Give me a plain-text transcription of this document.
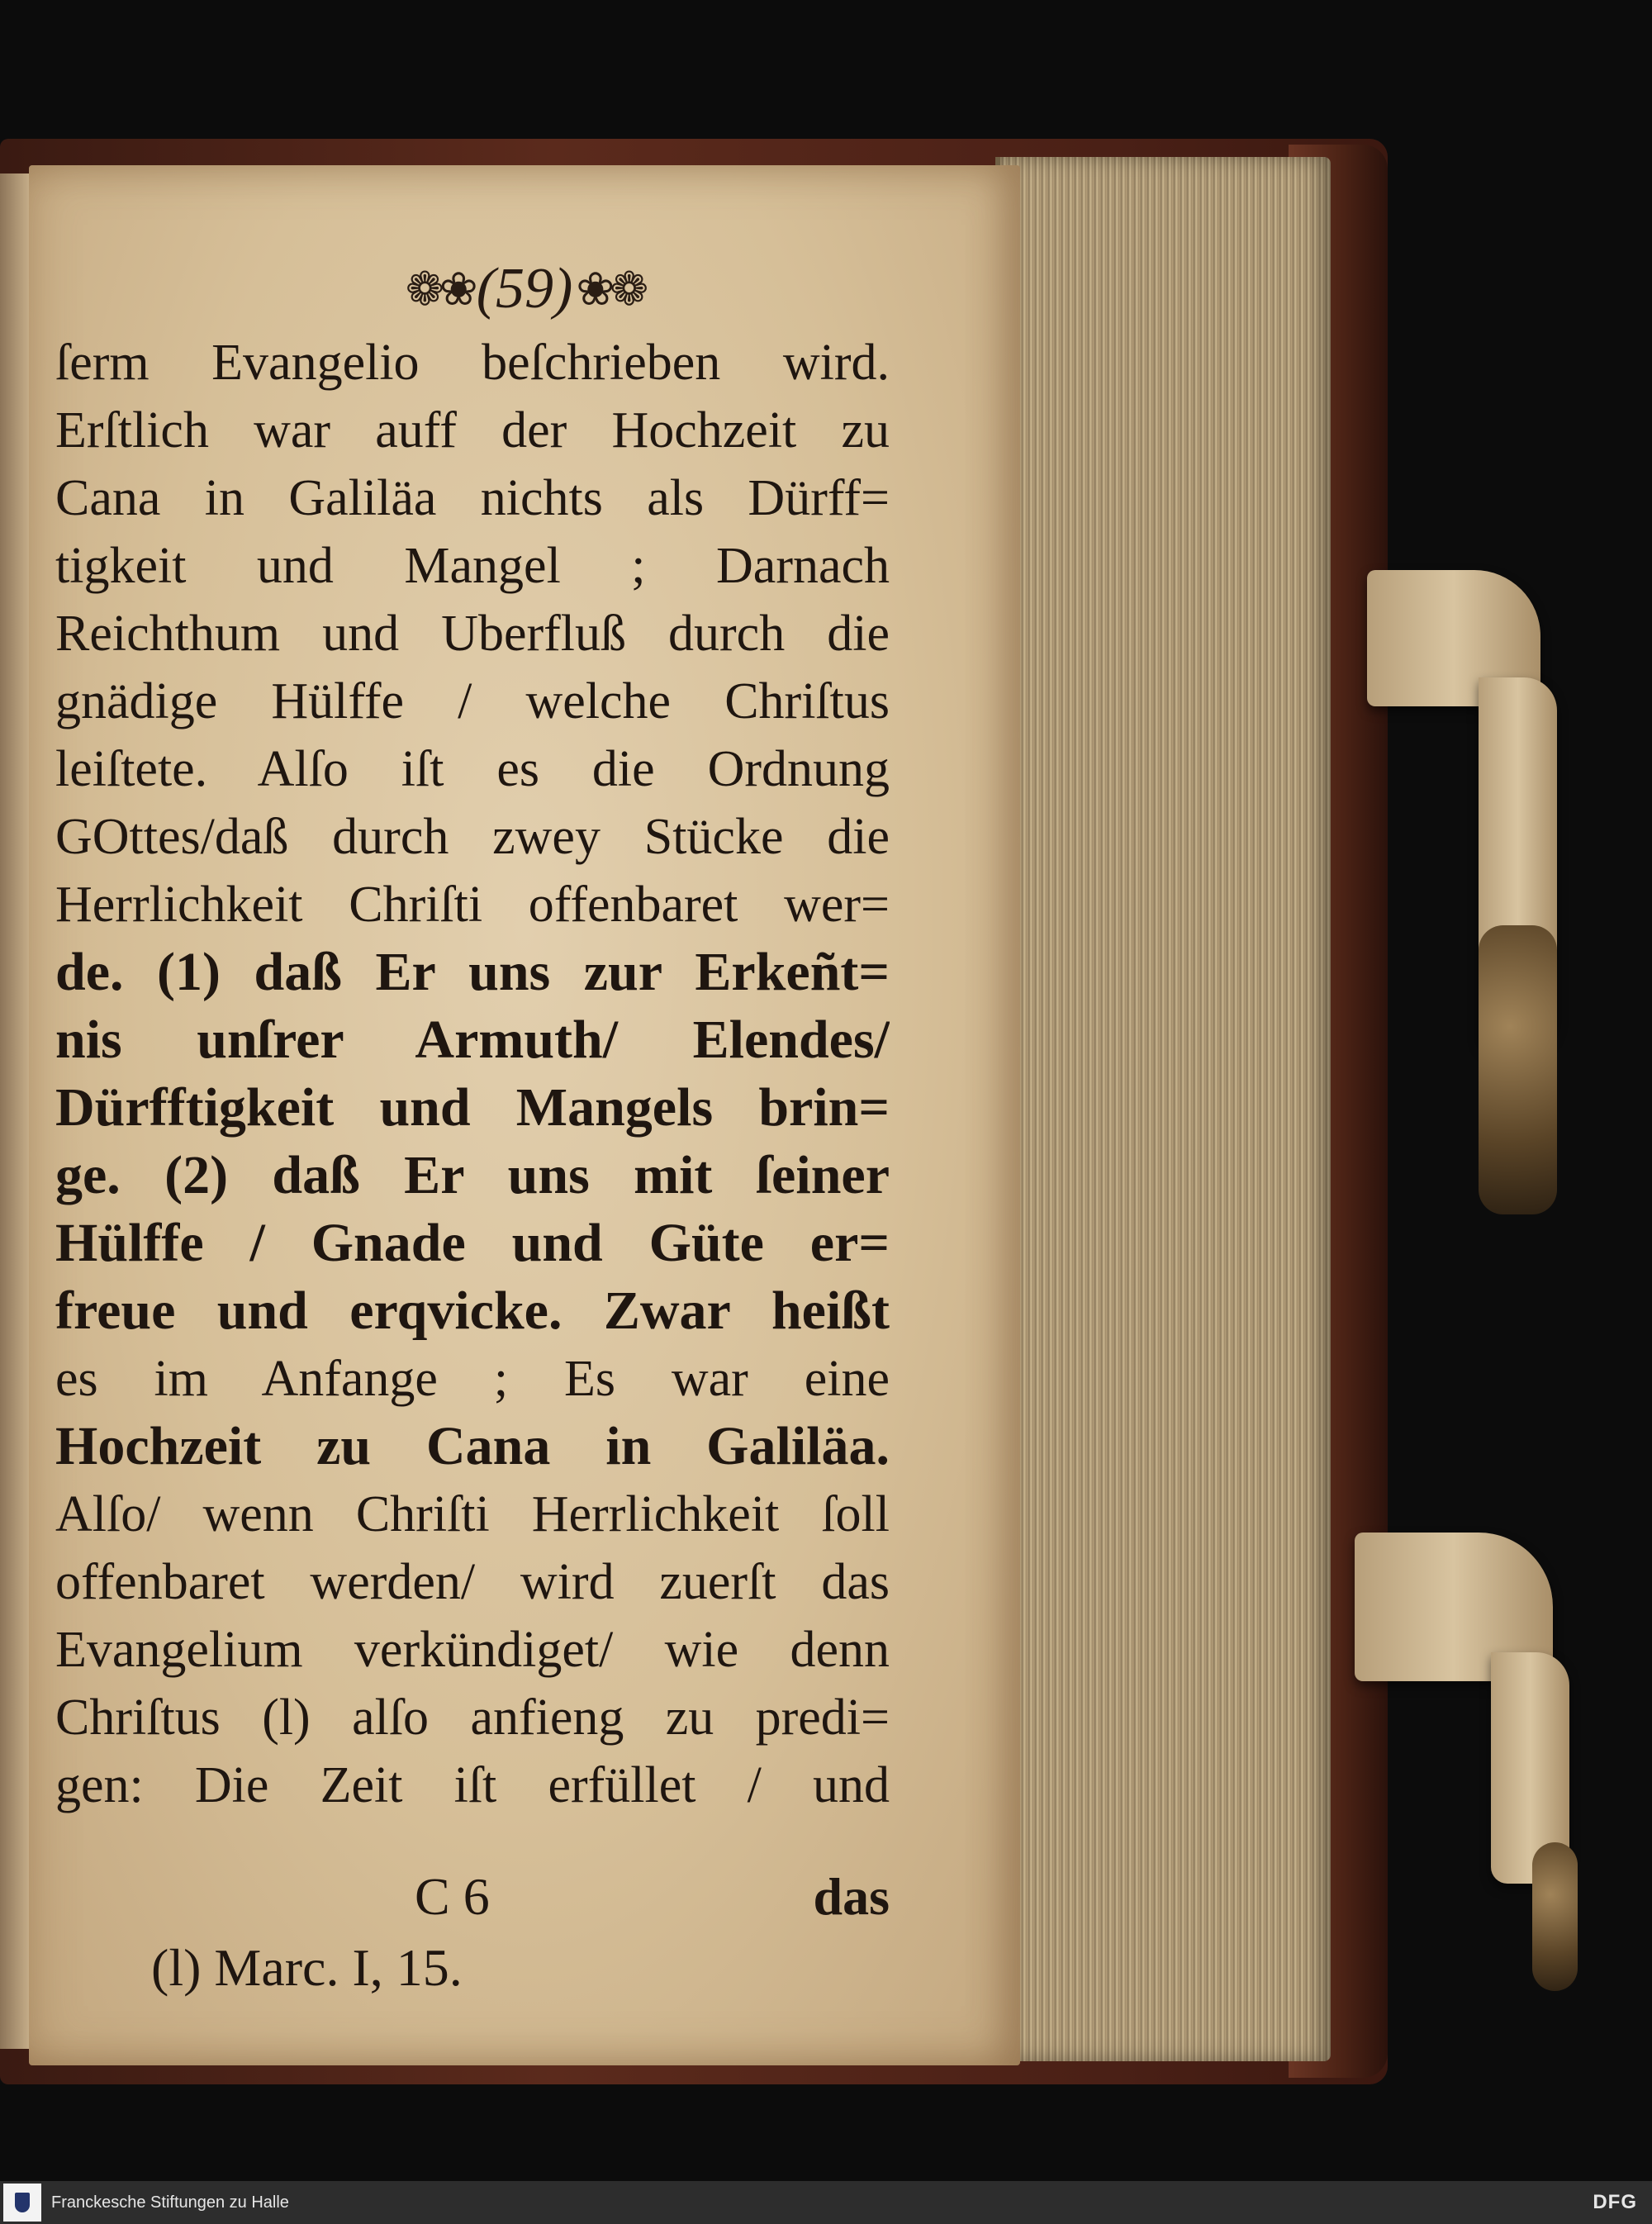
❁❀ (59) ❀❁
ſerm Evangelio beſchrieben wird.
Erſtlich war auff der Hochzeit zu
Cana in Galiläa nichts als Dürff=
tigkeit und Mangel ; Darnach
Reichthum und Uberfluß durch die
gnädige Hülffe / welche Chriſtus
leiſtete. Alſo iſt es die Ordnung
GOttes/daß durch zwey Stücke die
Herrlichkeit Chriſti offenbaret wer=
de. (1) daß Er uns zur Erkeñt=
nis unſrer Armuth/ Elendes/
Dürfftigkeit und Mangels brin=
ge. (2) daß Er uns mit ſeiner
Hülffe / Gnade und Güte er=
freue und erqvicke. Zwar heißt
es im Anfange ; Es war eine
Hochzeit zu Cana in Galiläa.
Alſo/ wenn Chriſti Herrlichkeit ſoll
offenbaret werden/ wird zuerſt das
Evangelium verkündiget/ wie denn
Chriſtus (l) alſo anfieng zu predi=
gen: Die Zeit iſt erfüllet / und
C 6	das
(l) Marc. I, 15.
Franckesche Stiftungen zu Halle	DFG
